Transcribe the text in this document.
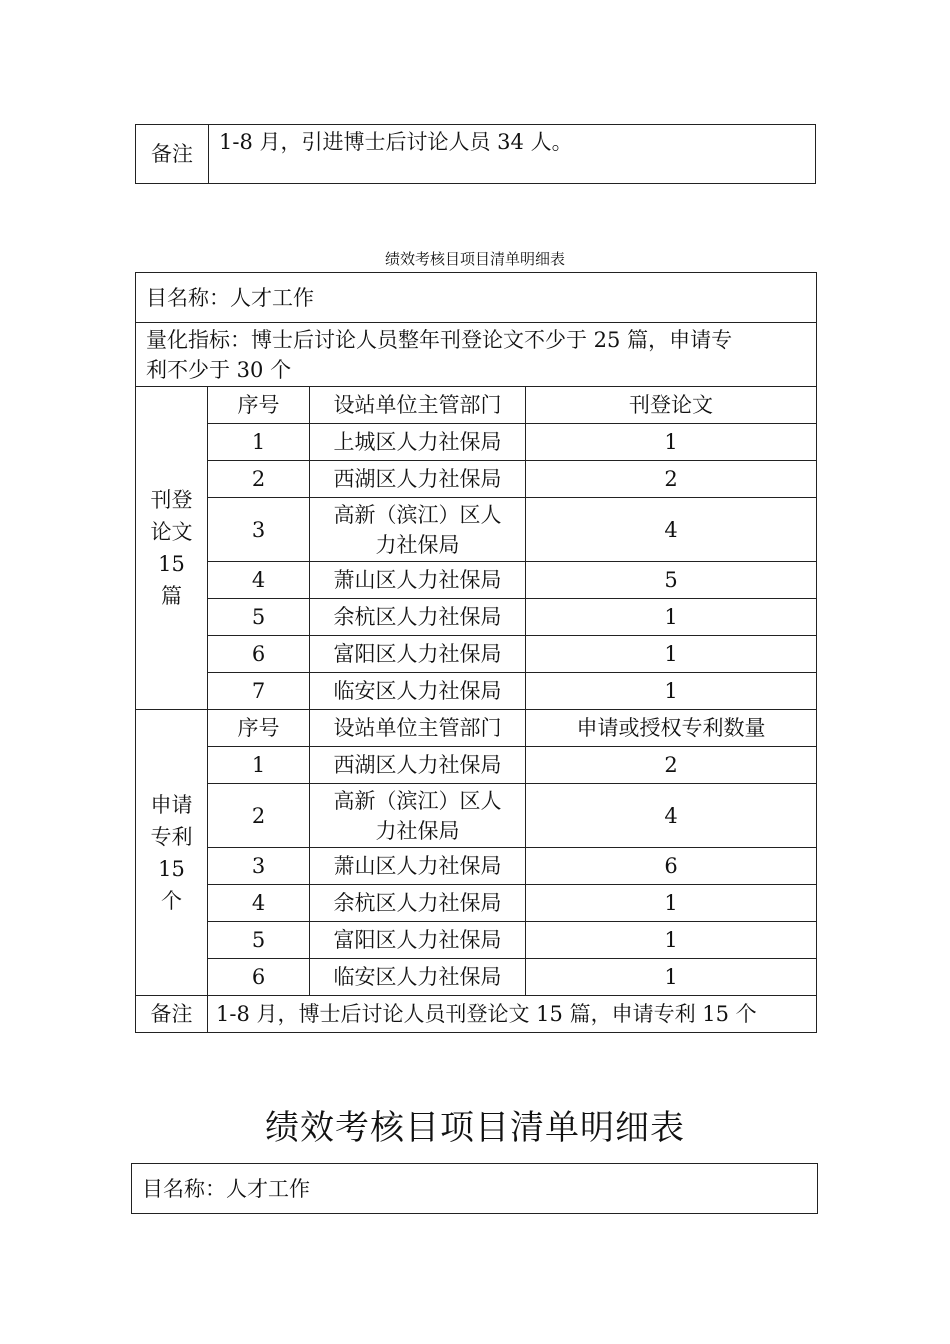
备注	1-8 月，引进博士后讨论人员 34 人。
绩效考核目项目清单明细表
目名称：人才工作			

量化指标：博士后讨论人员整年刊登论文不少于 25 篇，申请专
利不少于 30 个			

刊登
论文
15 篇	序号	设站单位主管部门	刊登论文
	1	上城区人力社保局	1
	2	西湖区人力社保局	2
	3	高新（滨江）区人
力社保局	4
	4	萧山区人力社保局	5
	5	余杭区人力社保局	1
	6	富阳区人力社保局	1
	7	临安区人力社保局	1

申请
专利
15 个	序号	设站单位主管部门	申请或授权专利数量
	1	西湖区人力社保局	2
	2	高新（滨江）区人
力社保局	4
	3	萧山区人力社保局	6
	4	余杭区人力社保局	1
	5	富阳区人力社保局	1
	6	临安区人力社保局	1
备注	1-8 月，博士后讨论人员刊登论文 15 篇，申请专利 15 个		
绩效考核目项目清单明细表
目名称：人才工作
